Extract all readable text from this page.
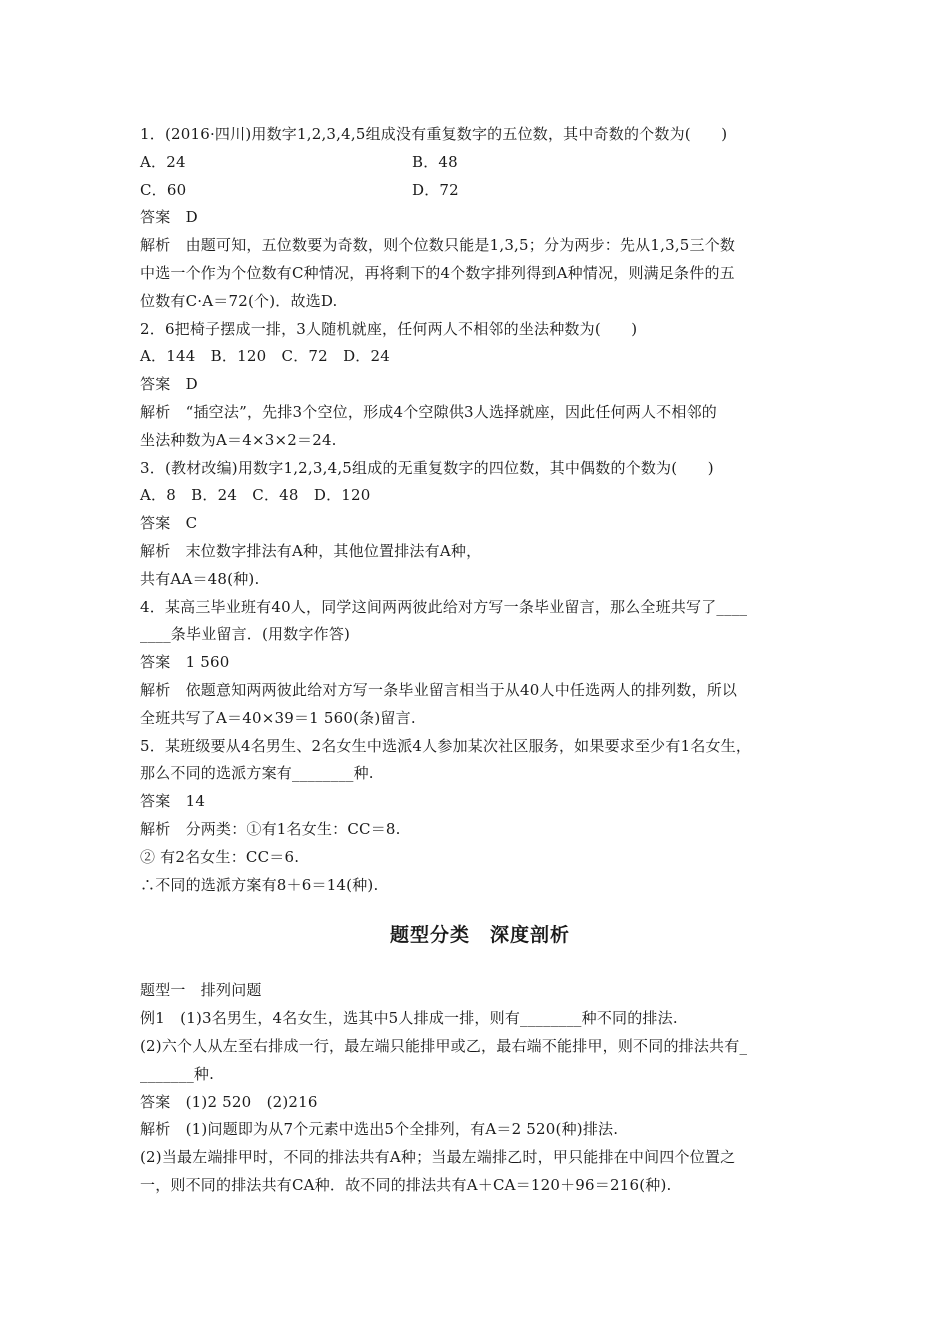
1．(2016·四川)用数字1,2,3,4,5组成没有重复数字的五位数，其中奇数的个数为(　　)
A．24	B．48
C．60	D．72
答案　D
解析　由题可知，五位数要为奇数，则个位数只能是1,3,5；分为两步：先从1,3,5三个数
中选一个作为个位数有C种情况，再将剩下的4个数字排列得到A种情况，则满足条件的五
位数有C·A＝72(个)．故选D.
2．6把椅子摆成一排，3人随机就座，任何两人不相邻的坐法种数为(　　)
A．144　B．120　C．72　D．24
答案　D
解析　“插空法”，先排3个空位，形成4个空隙供3人选择就座，因此任何两人不相邻的
坐法种数为A＝4×3×2＝24.
3．(教材改编)用数字1,2,3,4,5组成的无重复数字的四位数，其中偶数的个数为(　　)
A．8　B．24　C．48　D．120
答案　C
解析　末位数字排法有A种，其他位置排法有A种，
共有AA＝48(种).
4．某高三毕业班有40人，同学这间两两彼此给对方写一条毕业留言，那么全班共写了____
____条毕业留言．(用数字作答)
答案　1 560
解析　依题意知两两彼此给对方写一条毕业留言相当于从40人中任选两人的排列数，所以
全班共写了A＝40×39＝1 560(条)留言.
5．某班级要从4名男生、2名女生中选派4人参加某次社区服务，如果要求至少有1名女生，
那么不同的选派方案有________种.
答案　14
解析　分两类：①有1名女生：CC＝8.
② 有2名女生：CC＝6.
∴不同的选派方案有8＋6＝14(种).
题型分类　深度剖析
题型一　排列问题
例1　(1)3名男生，4名女生，选其中5人排成一排，则有________种不同的排法.
(2)六个人从左至右排成一行，最左端只能排甲或乙，最右端不能排甲，则不同的排法共有_
_______种.
答案　(1)2 520　(2)216
解析　(1)问题即为从7个元素中选出5个全排列，有A＝2 520(种)排法.
(2)当最左端排甲时，不同的排法共有A种；当最左端排乙时，甲只能排在中间四个位置之
一，则不同的排法共有CA种．故不同的排法共有A＋CA＝120＋96＝216(种).
